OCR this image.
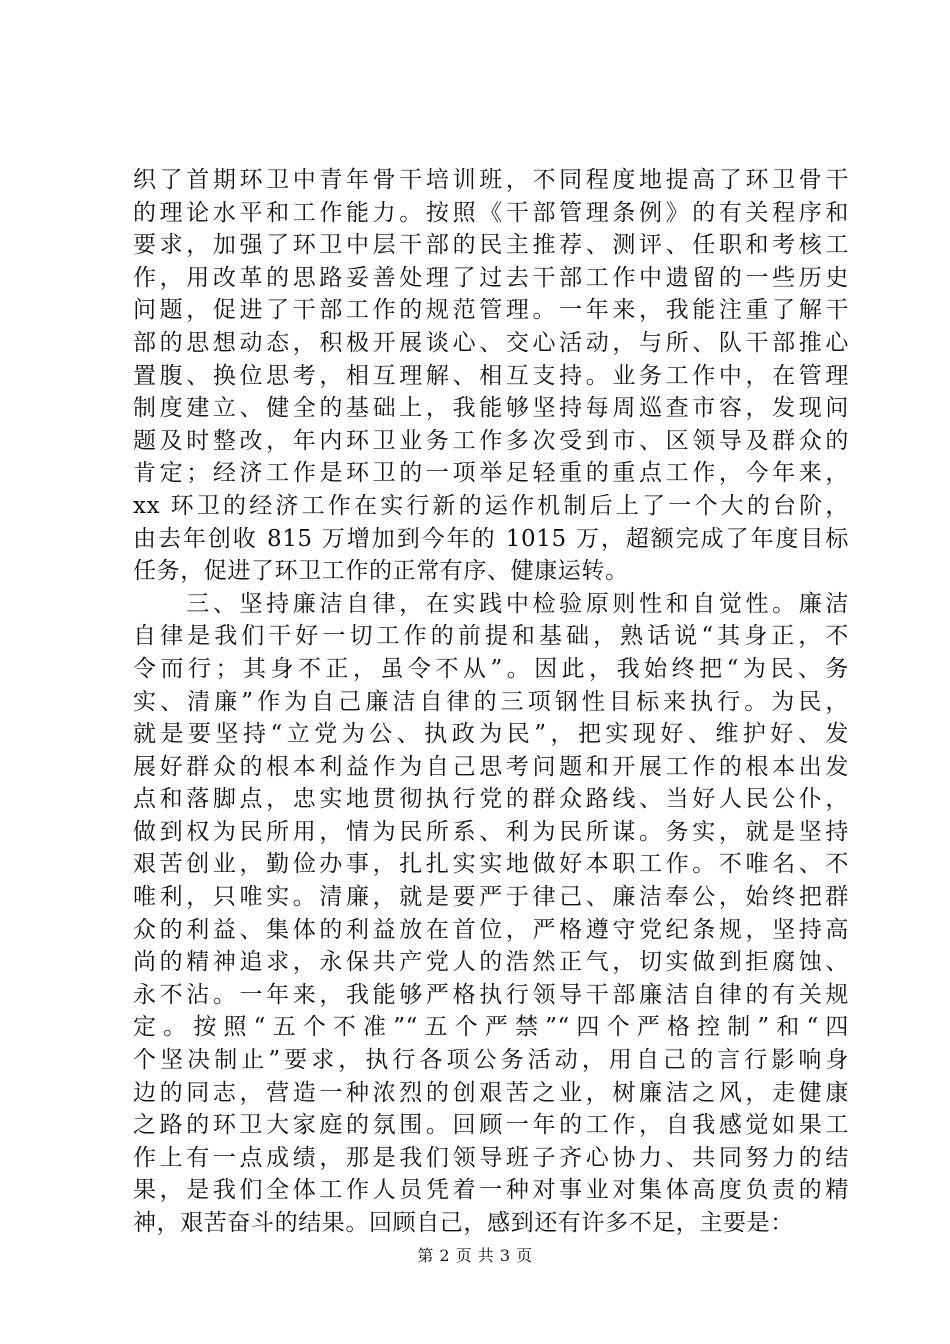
织了首期环卫中青年骨干培训班，不同程度地提高了环卫骨干
的理论水平和工作能力。按照《干部管理条例》的有关程序和
要求，加强了环卫中层干部的民主推荐、测评、任职和考核工
作，用改革的思路妥善处理了过去干部工作中遗留的一些历史
问题，促进了干部工作的规范管理。一年来，我能注重了解干
部的思想动态，积极开展谈心、交心活动，与所、队干部推心
置腹、换位思考，相互理解、相互支持。业务工作中，在管理
制度建立、健全的基础上，我能够坚持每周巡查市容，发现问
题及时整改，年内环卫业务工作多次受到市、区领导及群众的
肯定；经济工作是环卫的一项举足轻重的重点工作，今年来，
xx 环卫的经济工作在实行新的运作机制后上了一个大的台阶，
由去年创收 815 万增加到今年的 1015 万，超额完成了年度目标
任务，促进了环卫工作的正常有序、健康运转。
　　三、坚持廉洁自律，在实践中检验原则性和自觉性。廉洁
自律是我们干好一切工作的前提和基础，熟话说“其身正，不
令而行；其身不正，虽令不从”。因此，我始终把“为民、务
实、清廉”作为自己廉洁自律的三项钢性目标来执行。为民，
就是要坚持“立党为公、执政为民”，把实现好、维护好、发
展好群众的根本利益作为自己思考问题和开展工作的根本出发
点和落脚点，忠实地贯彻执行党的群众路线、当好人民公仆，
做到权为民所用，情为民所系、利为民所谋。务实，就是坚持
艰苦创业，勤俭办事，扎扎实实地做好本职工作。不唯名、不
唯利，只唯实。清廉，就是要严于律己、廉洁奉公，始终把群
众的利益、集体的利益放在首位，严格遵守党纪条规，坚持高
尚的精神追求，永保共产党人的浩然正气，切实做到拒腐蚀、
永不沾。一年来，我能够严格执行领导干部廉洁自律的有关规
定。按照“五个不准”“五个严禁”“四个严格控制”和“四
个坚决制止”要求，执行各项公务活动，用自己的言行影响身
边的同志，营造一种浓烈的创艰苦之业，树廉洁之风，走健康
之路的环卫大家庭的氛围。回顾一年的工作，自我感觉如果工
作上有一点成绩，那是我们领导班子齐心协力、共同努力的结
果，是我们全体工作人员凭着一种对事业对集体高度负责的精
神，艰苦奋斗的结果。回顾自己，感到还有许多不足，主要是：
第 2 页 共 3 页
